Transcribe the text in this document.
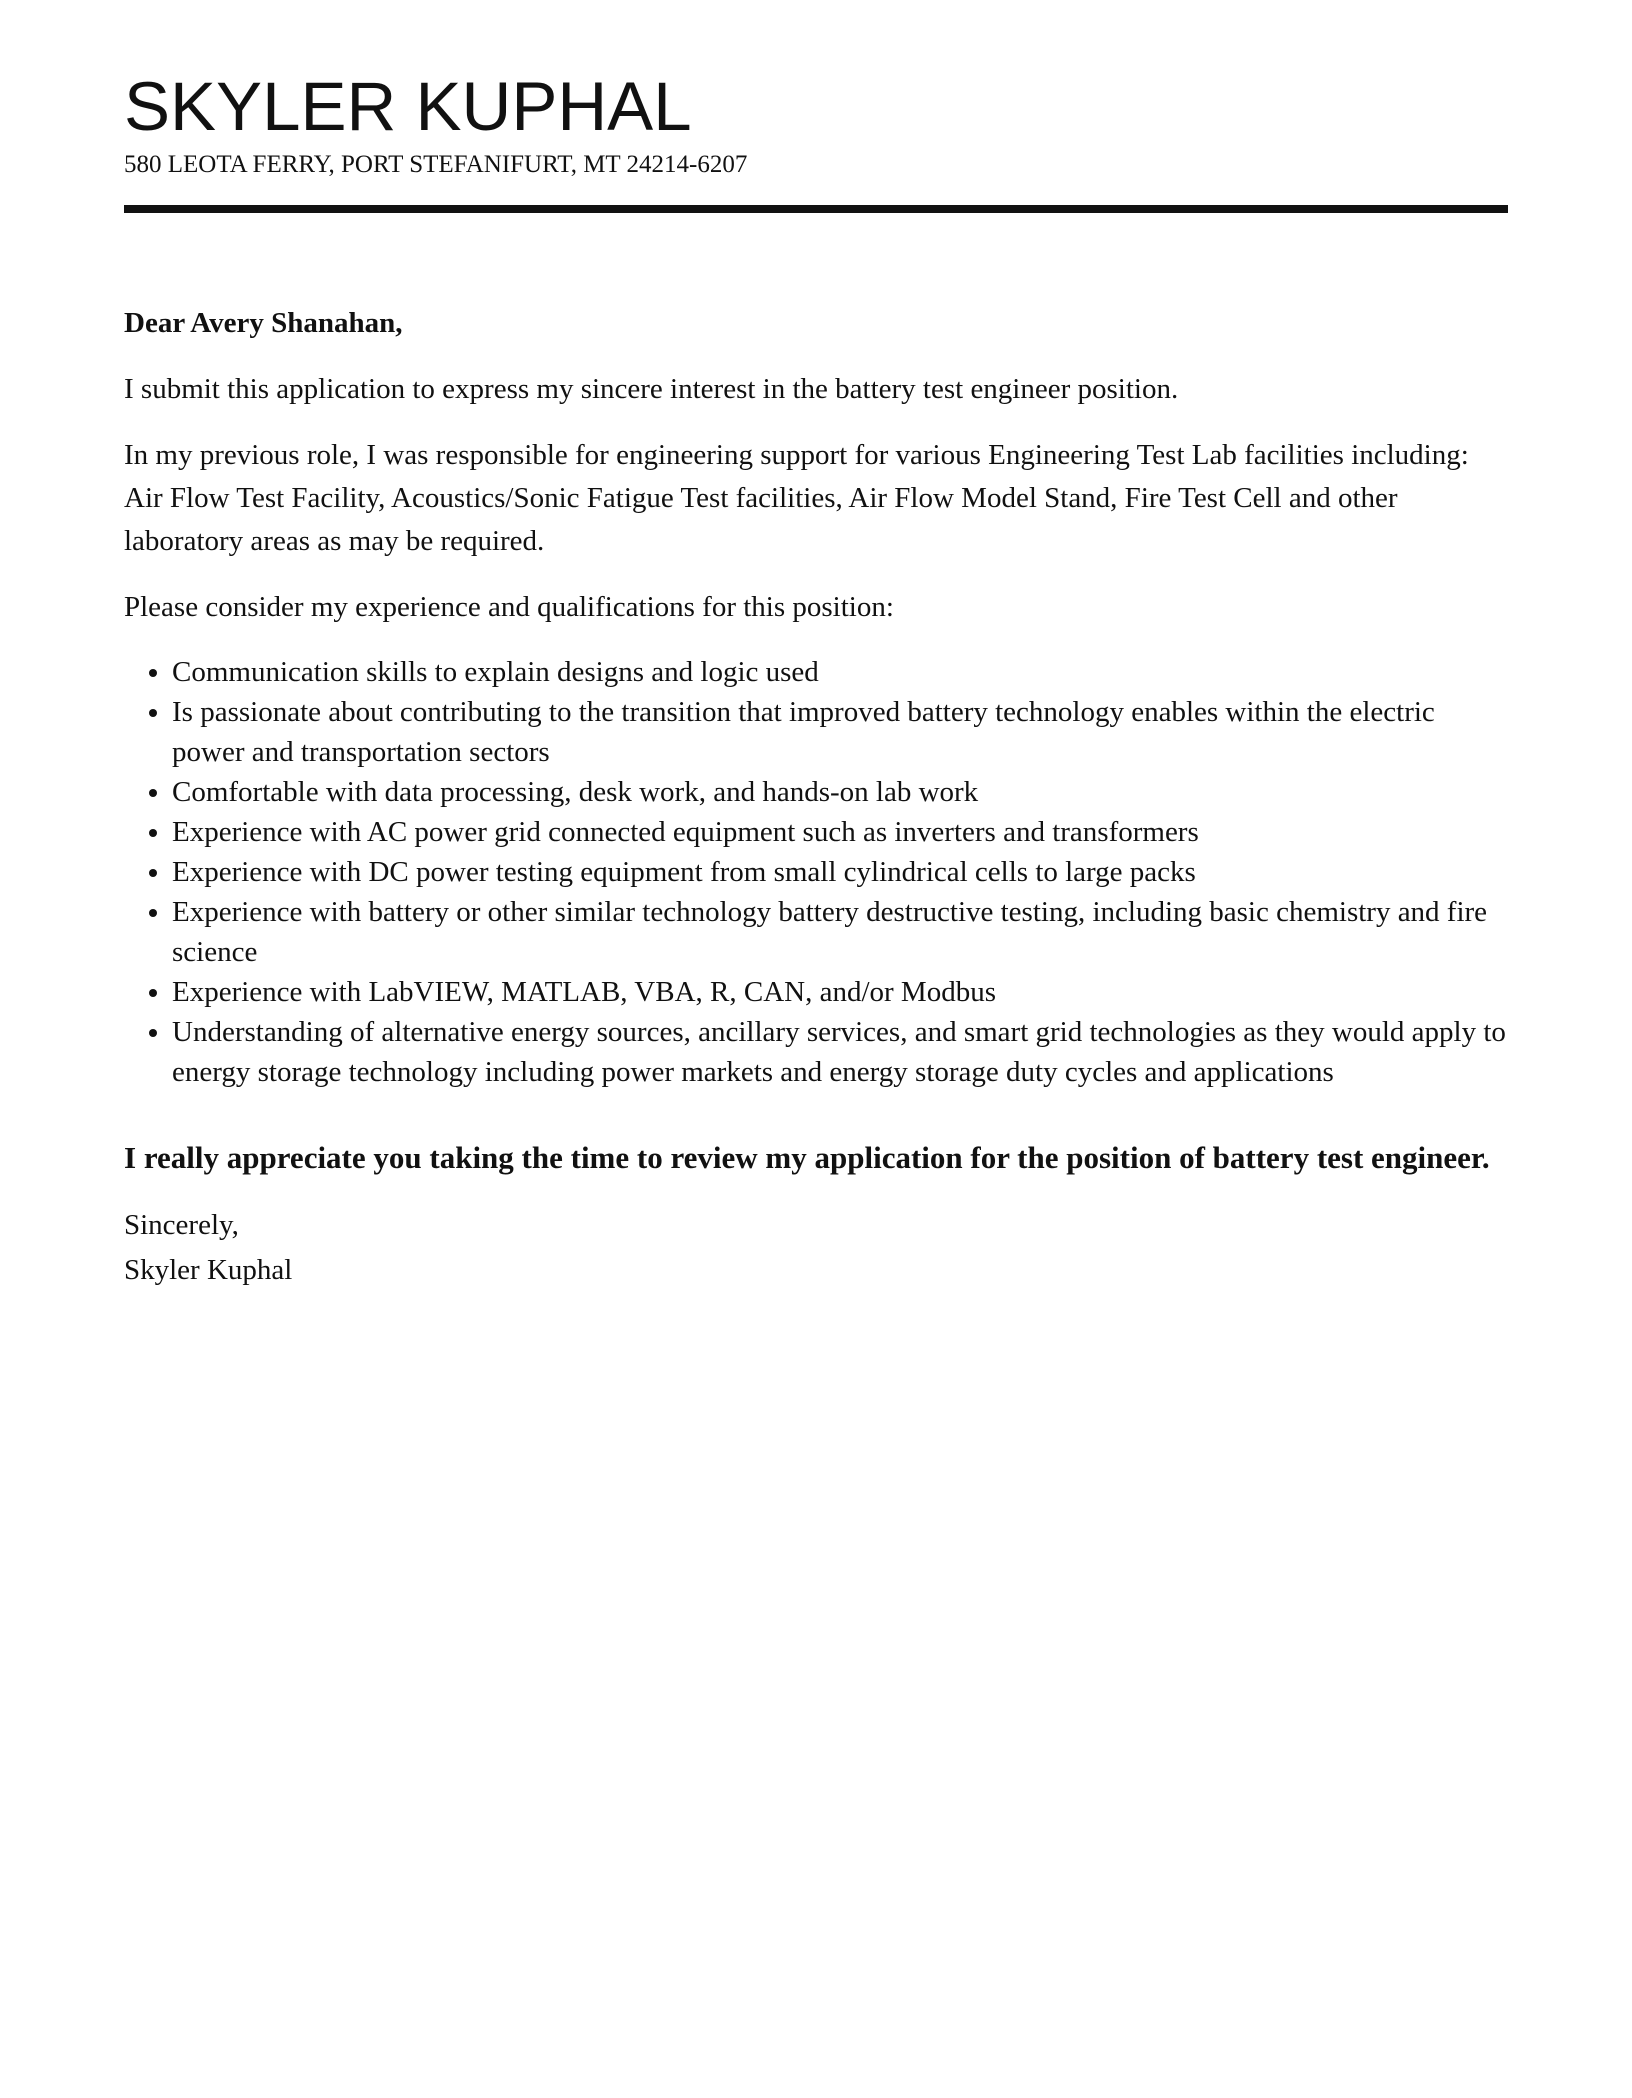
SKYLER KUPHAL
580 LEOTA FERRY, PORT STEFANIFURT, MT 24214-6207

Dear Avery Shanahan,

I submit this application to express my sincere interest in the battery test engineer position.

In my previous role, I was responsible for engineering support for various Engineering Test Lab facilities including: Air Flow Test Facility, Acoustics/Sonic Fatigue Test facilities, Air Flow Model Stand, Fire Test Cell and other laboratory areas as may be required.

Please consider my experience and qualifications for this position:

• Communication skills to explain designs and logic used
• Is passionate about contributing to the transition that improved battery technology enables within the electric power and transportation sectors
• Comfortable with data processing, desk work, and hands-on lab work
• Experience with AC power grid connected equipment such as inverters and transformers
• Experience with DC power testing equipment from small cylindrical cells to large packs
• Experience with battery or other similar technology battery destructive testing, including basic chemistry and fire science
• Experience with LabVIEW, MATLAB, VBA, R, CAN, and/or Modbus
• Understanding of alternative energy sources, ancillary services, and smart grid technologies as they would apply to energy storage technology including power markets and energy storage duty cycles and applications

I really appreciate you taking the time to review my application for the position of battery test engineer.

Sincerely,

Skyler Kuphal
